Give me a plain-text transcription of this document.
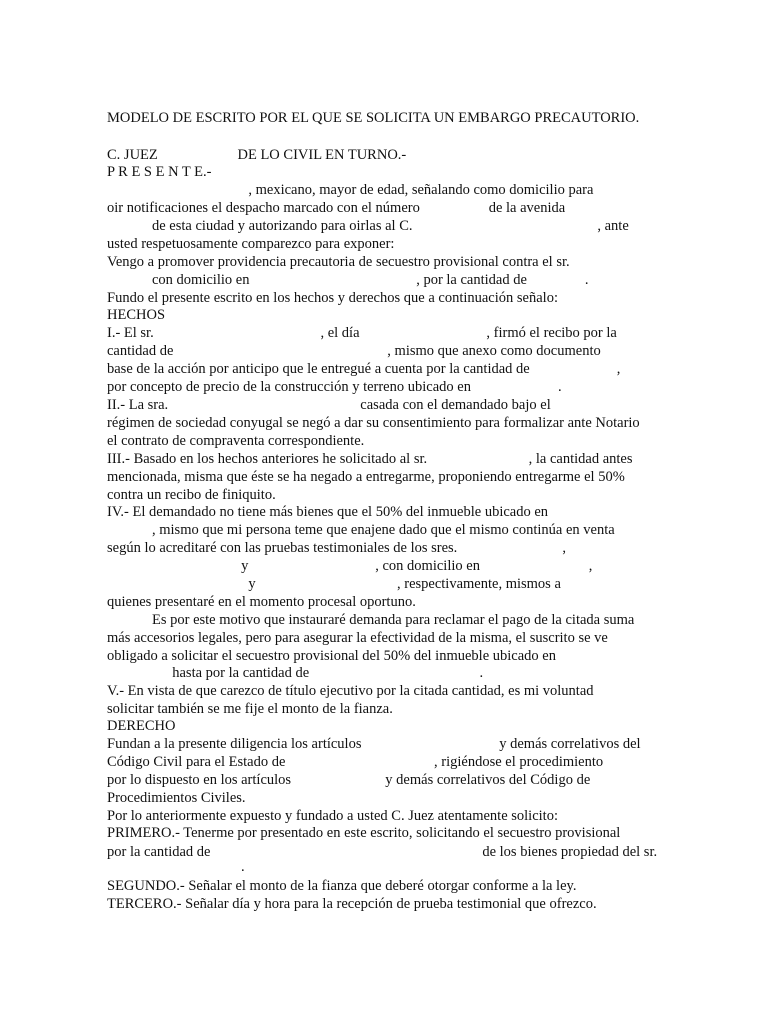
MODELO DE ESCRITO POR EL QUE SE SOLICITA UN EMBARGO PRECAUTORIO.
C. JUEZ                      DE LO CIVIL EN TURNO.-
P R E S E N T E.-
, mexicano, mayor de edad, señalando como domicilio para
oir notificaciones el despacho marcado con el número                   de la avenida
de esta ciudad y autorizando para oirlas al C.                                                   , ante
usted respetuosamente comparezco para exponer:
Vengo a promover providencia precautoria de secuestro provisional contra el sr.
con domicilio en                                              , por la cantidad de                .
Fundo el presente escrito en los hechos y derechos que a continuación señalo:
HECHOS
I.- El sr.                                              , el día                                   , firmó el recibo por la
cantidad de                                                           , mismo que anexo como documento
base de la acción por anticipo que le entregué a cuenta por la cantidad de                        ,
por concepto de precio de la construcción y terreno ubicado en                        .
II.- La sra.                                                     casada con el demandado bajo el
régimen de sociedad conyugal se negó a dar su consentimiento para formalizar ante Notario
el contrato de compraventa correspondiente.
III.- Basado en los hechos anteriores he solicitado al sr.                            , la cantidad antes
mencionada, misma que éste se ha negado a entregarme, proponiendo entregarme el 50%
contra un recibo de finiquito.
IV.- El demandado no tiene más bienes que el 50% del inmueble ubicado en
, mismo que mi persona teme que enajene dado que el mismo continúa en venta
según lo acreditaré con las pruebas testimoniales de los sres.                             ,
y                                   , con domicilio en                              ,
y                                       , respectivamente, mismos a
quienes presentaré en el momento procesal oportuno.
Es por este motivo que instauraré demanda para reclamar el pago de la citada suma
más accesorios legales, pero para asegurar la efectividad de la misma, el suscrito se ve
obligado a solicitar el secuestro provisional del 50% del inmueble ubicado en
hasta por la cantidad de                                               .
V.- En vista de que carezco de título ejecutivo por la citada cantidad, es mi voluntad
solicitar también se me fije el monto de la fianza.
DERECHO
Fundan a la presente diligencia los artículos                                      y demás correlativos del
Código Civil para el Estado de                                         , rigiéndose el procedimiento
por lo dispuesto en los artículos                          y demás correlativos del Código de
Procedimientos Civiles.
Por lo anteriormente expuesto y fundado a usted C. Juez atentamente solicito:
PRIMERO.- Tenerme por presentado en este escrito, solicitando el secuestro provisional
por la cantidad de                                                                           de los bienes propiedad del sr.
.
SEGUNDO.- Señalar el monto de la fianza que deberé otorgar conforme a la ley.
TERCERO.- Señalar día y hora para la recepción de prueba testimonial que ofrezco.
